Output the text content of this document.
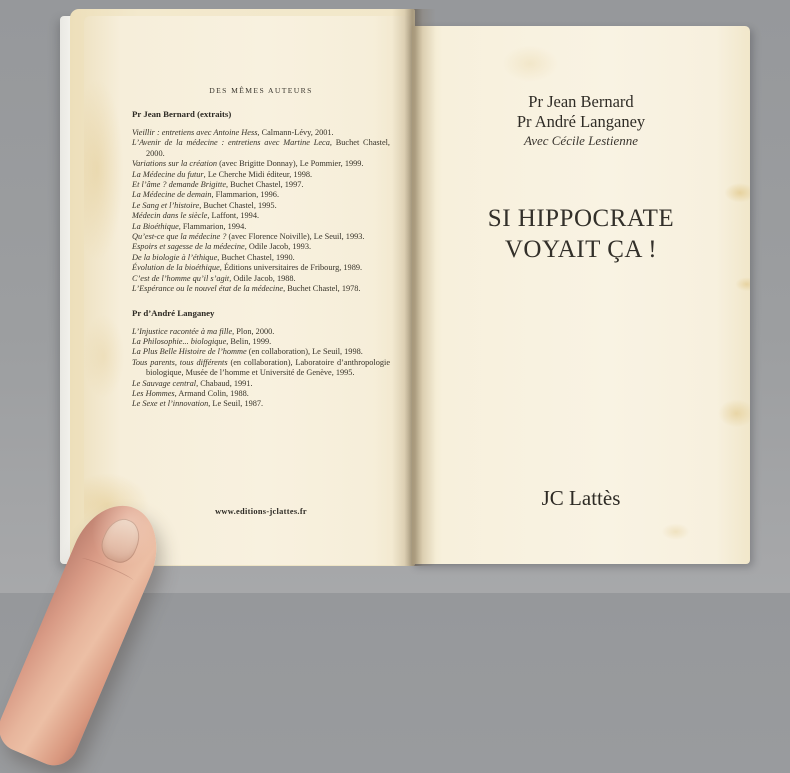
DES MÊMES AUTEURS
Pr Jean Bernard (extraits)
Vieillir : entretiens avec Antoine Hess, Calmann-Lévy, 2001.
L’Avenir de la médecine : entretiens avec Martine Leca, Buchet Chastel, 2000.
Variations sur la création (avec Brigitte Donnay), Le Pommier, 1999.
La Médecine du futur, Le Cherche Midi éditeur, 1998.
Et l’âme ? demande Brigitte, Buchet Chastel, 1997.
La Médecine de demain, Flammarion, 1996.
Le Sang et l’histoire, Buchet Chastel, 1995.
Médecin dans le siècle, Laffont, 1994.
La Bioéthique, Flammarion, 1994.
Qu’est-ce que la médecine ? (avec Florence Noiville), Le Seuil, 1993.
Espoirs et sagesse de la médecine, Odile Jacob, 1993.
De la biologie à l’éthique, Buchet Chastel, 1990.
Évolution de la bioéthique, Éditions universitaires de Fribourg, 1989.
C’est de l’homme qu’il s’agit, Odile Jacob, 1988.
L’Espérance ou le nouvel état de la médecine, Buchet Chastel, 1978.
Pr d’André Langaney
L’Injustice racontée à ma fille, Plon, 2000.
La Philosophie... biologique, Belin, 1999.
La Plus Belle Histoire de l’homme (en collaboration), Le Seuil, 1998.
Tous parents, tous différents (en collaboration), Laboratoire d’anthropologie biologique, Musée de l’homme et Université de Genève, 1995.
Le Sauvage central, Chabaud, 1991.
Les Hommes, Armand Colin, 1988.
Le Sexe et l’innovation, Le Seuil, 1987.
www.editions-jclattes.fr
Pr Jean Bernard
Pr André Langaney
Avec Cécile Lestienne
SI HIPPOCRATE
VOYAIT ÇA !
JC Lattès
